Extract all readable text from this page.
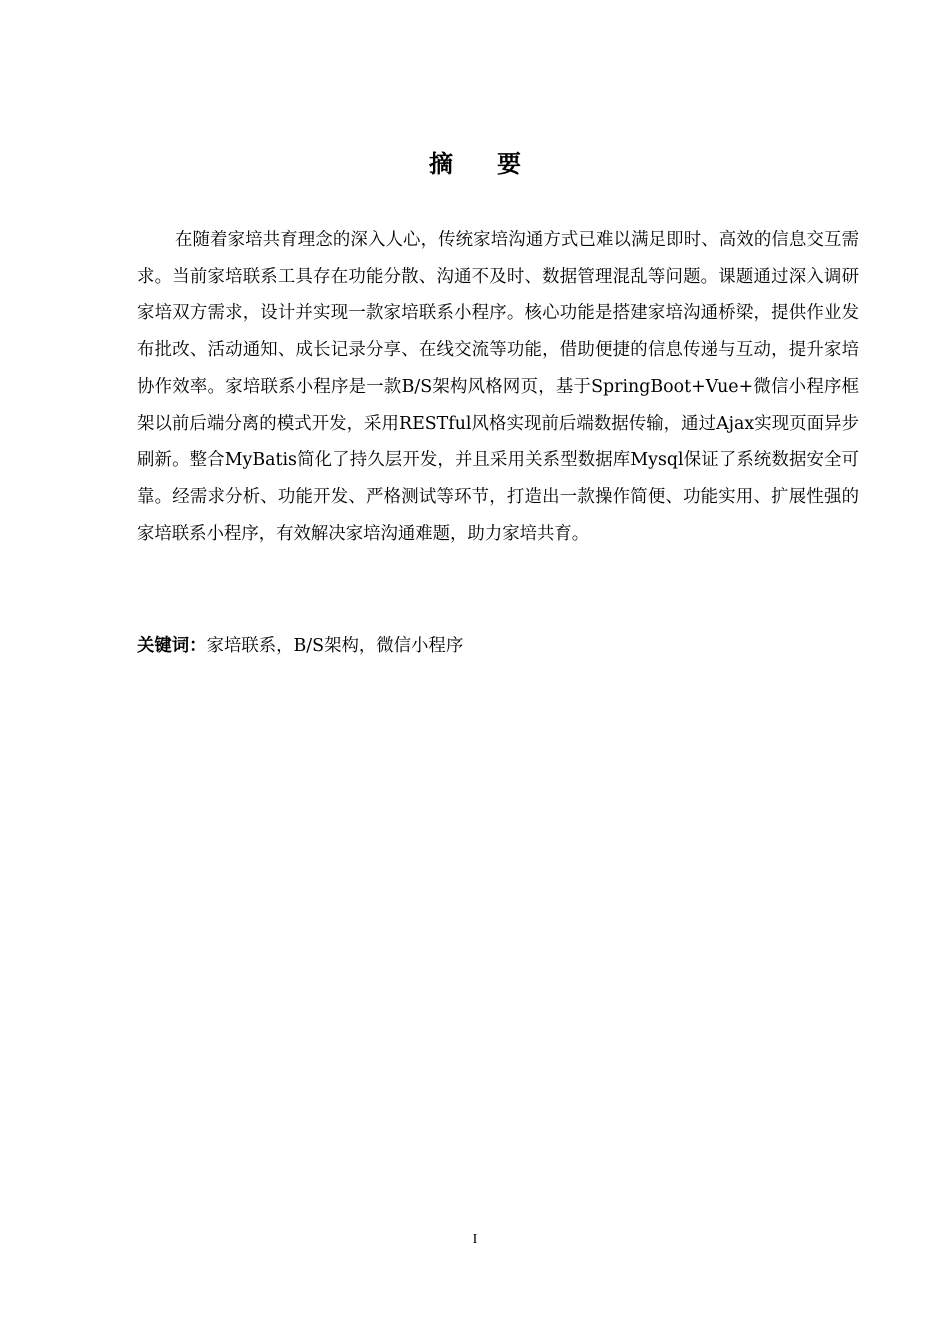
摘要

在随着家培共育理念的深入人心，传统家培沟通方式已难以满足即时、高效的信息交互需求。当前家培联系工具存在功能分散、沟通不及时、数据管理混乱等问题。课题通过深入调研家培双方需求，设计并实现一款家培联系小程序。核心功能是搭建家培沟通桥梁，提供作业发布批改、活动通知、成长记录分享、在线交流等功能，借助便捷的信息传递与互动，提升家培协作效率。家培联系小程序是一款B/S架构风格网页，基于SpringBoot+Vue+微信小程序框架以前后端分离的模式开发，采用RESTful风格实现前后端数据传输，通过Ajax实现页面异步刷新。整合MyBatis简化了持久层开发，并且采用关系型数据库Mysql保证了系统数据安全可靠。经需求分析、功能开发、严格测试等环节，打造出一款操作简便、功能实用、扩展性强的家培联系小程序，有效解决家培沟通难题，助力家培共育。

关键词：家培联系，B/S架构，微信小程序

I
